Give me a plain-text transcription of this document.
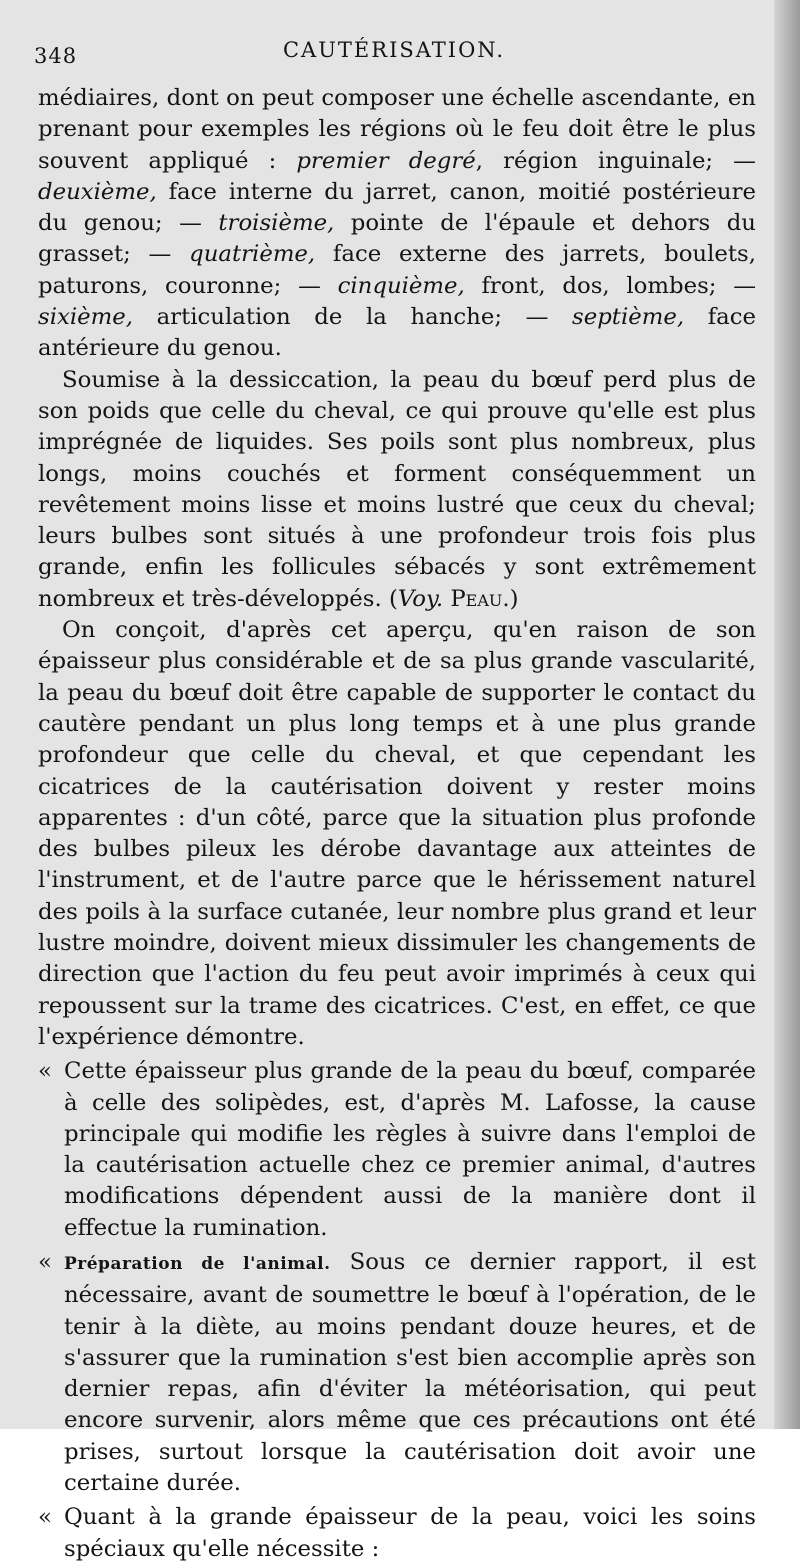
348	CAUTÉRISATION.

médiaires, dont on peut composer une échelle ascendante, en prenant pour exemples les régions où le feu doit être le plus souvent appliqué : premier degré, région inguinale; — deuxième, face interne du jarret, canon, moitié postérieure du genou; — troisième, pointe de l'épaule et dehors du grasset; — quatrième, face externe des jarrets, boulets, paturons, couronne; — cinquième, front, dos, lombes; — sixième, articulation de la hanche; — septième, face antérieure du genou.

Soumise à la dessiccation, la peau du bœuf perd plus de son poids que celle du cheval, ce qui prouve qu'elle est plus imprégnée de liquides. Ses poils sont plus nombreux, plus longs, moins couchés et forment conséquemment un revêtement moins lisse et moins lustré que ceux du cheval; leurs bulbes sont situés à une profondeur trois fois plus grande, enfin les follicules sébacés y sont extrêmement nombreux et très-développés. (Voy. Peau.)

On conçoit, d'après cet aperçu, qu'en raison de son épaisseur plus considérable et de sa plus grande vascularité, la peau du bœuf doit être capable de supporter le contact du cautère pendant un plus long temps et à une plus grande profondeur que celle du cheval, et que cependant les cicatrices de la cautérisation doivent y rester moins apparentes : d'un côté, parce que la situation plus profonde des bulbes pileux les dérobe davantage aux atteintes de l'instrument, et de l'autre parce que le hérissement naturel des poils à la surface cutanée, leur nombre plus grand et leur lustre moindre, doivent mieux dissimuler les changements de direction que l'action du feu peut avoir imprimés à ceux qui repoussent sur la trame des cicatrices. C'est, en effet, ce que l'expérience démontre.

« Cette épaisseur plus grande de la peau du bœuf, comparée à celle des solipèdes, est, d'après M. Lafosse, la cause principale qui modifie les règles à suivre dans l'emploi de la cautérisation actuelle chez ce premier animal, d'autres modifications dépendent aussi de la manière dont il effectue la rumination.

« Préparation de l'animal. Sous ce dernier rapport, il est nécessaire, avant de soumettre le bœuf à l'opération, de le tenir à la diète, au moins pendant douze heures, et de s'assurer que la rumination s'est bien accomplie après son dernier repas, afin d'éviter la météorisation, qui peut encore survenir, alors même que ces précautions ont été prises, surtout lorsque la cautérisation doit avoir une certaine durée.

« Quant à la grande épaisseur de la peau, voici les soins spéciaux qu'elle nécessite :
